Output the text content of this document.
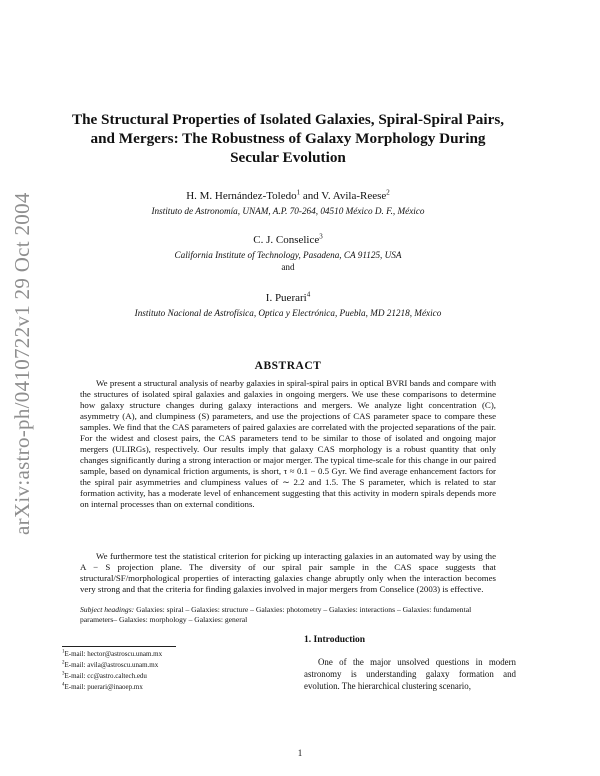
arXiv:astro-ph/0410722v1 29 Oct 2004
The Structural Properties of Isolated Galaxies, Spiral-Spiral Pairs, and Mergers: The Robustness of Galaxy Morphology During Secular Evolution
H. M. Hernández-Toledo$^1$ and V. Avila-Reese$^2$
Instituto de Astronomía, UNAM, A.P. 70-264, 04510 México D. F., México
C. J. Conselice$^3$
California Institute of Technology, Pasadena, CA 91125, USA
and
I. Puerari$^4$
Instituto Nacional de Astrofísica, Optica y Electrónica, Puebla, MD 21218, México
ABSTRACT
We present a structural analysis of nearby galaxies in spiral-spiral pairs in optical BVRI bands and compare with the structures of isolated spiral galaxies and galaxies in ongoing mergers. We use these comparisons to determine how galaxy structure changes during galaxy interactions and mergers. We analyze light concentration (C), asymmetry (A), and clumpiness (S) parameters, and use the projections of CAS parameter space to compare these samples. We find that the CAS parameters of paired galaxies are correlated with the projected separations of the pair. For the widest and closest pairs, the CAS parameters tend to be similar to those of isolated and ongoing major mergers (ULIRGs), respectively. Our results imply that galaxy CAS morphology is a robust quantity that only changes significantly during a strong interaction or major merger. The typical time-scale for this change in our paired sample, based on dynamical friction arguments, is short, τ ≈ 0.1 − 0.5 Gyr. We find average enhancement factors for the spiral pair asymmetries and clumpiness values of ∼ 2.2 and 1.5. The S parameter, which is related to star formation activity, has a moderate level of enhancement suggesting that this activity in modern spirals depends more on internal processes than on external conditions.
We furthermore test the statistical criterion for picking up interacting galaxies in an automated way by using the A − S projection plane. The diversity of our spiral pair sample in the CAS space suggests that structural/SF/morphological properties of interacting galaxies change abruptly only when the interaction becomes very strong and that the criteria for finding galaxies involved in major mergers from Conselice (2003) is effective.
Subject headings: Galaxies: spiral – Galaxies: structure – Galaxies: photometry – Galaxies: interactions – Galaxies: fundamental parameters– Galaxies: morphology – Galaxies: general
$^1$E-mail: hector@astroscu.unam.mx
$^2$E-mail: avila@astroscu.unam.mx
$^3$E-mail: cc@astro.caltech.edu
$^4$E-mail: puerari@inaoep.mx
1. Introduction
One of the major unsolved questions in modern astronomy is understanding galaxy formation and evolution. The hierarchical clustering scenario,
1
